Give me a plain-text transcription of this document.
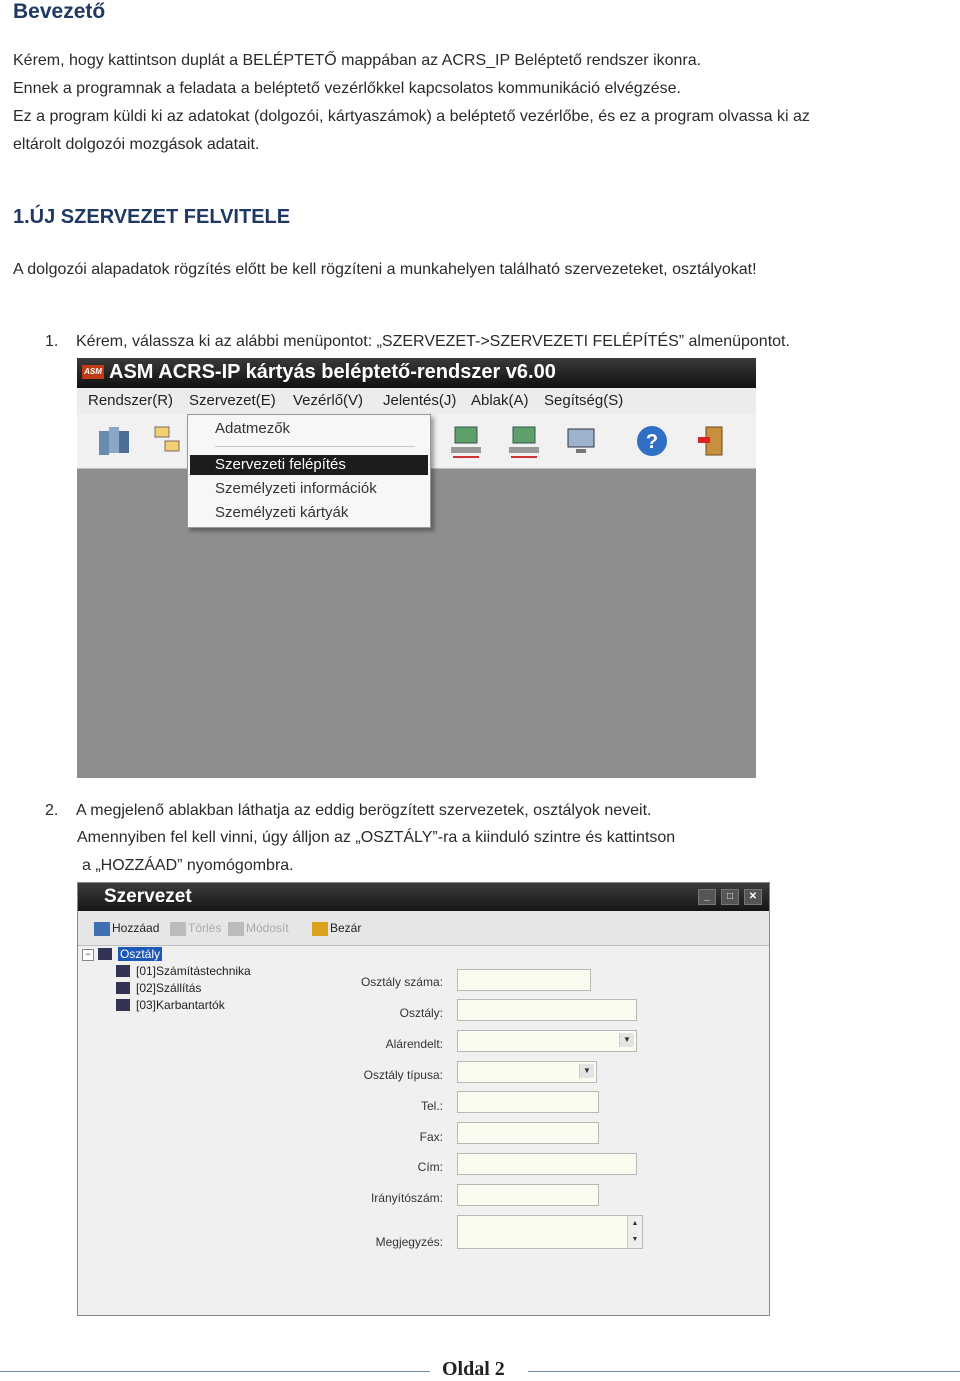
Bevezető
Kérem, hogy kattintson duplát a BELÉPTETŐ mappában az ACRS_IP Beléptető rendszer ikonra.
Ennek a programnak a feladata a beléptető vezérlőkkel kapcsolatos kommunikáció elvégzése.
Ez a program küldi ki az adatokat (dolgozói, kártyaszámok) a beléptető vezérlőbe, és ez a program olvassa ki az
eltárolt dolgozói mozgások adatait.
1.ÚJ SZERVEZET FELVITELE
A dolgozói alapadatok rögzítés előtt be kell rögzíteni a munkahelyen található szervezeteket, osztályokat!
1. Kérem, válassza ki az alábbi menüpontot: „SZERVEZET->SZERVEZETI FELÉPÍTÉS” almenüpontot.
ASM ASM ACRS-IP kártyás beléptető-rendszer v6.00
Rendszer(R) Szervezet(E) Vezérlő(V) Jelentés(J) Ablak(A) Segítség(S)
?
Adatmezők
Szervezeti felépítés
Személyzeti információk
Személyzeti kártyák
2. A megjelenő ablakban láthatja az eddig berögzített szervezetek, osztályok neveit.
Amennyiben fel kell vinni, úgy álljon az „OSZTÁLY”-ra a kiinduló szintre és kattintson
a „HOZZÁAD” nyomógombra.
Szervezet	_	□	✕
Hozzáad	Törlés	Módosít	Bezár
− Osztály
[01]Számítástechnika
[02]Szállítás
[03]Karbantartók
Osztály száma:
Osztály:
Alárendelt:	▼
Osztály típusa:	▼
Tel.:
Fax:
Cím:
Irányítószám:
Megjegyzés:
▲
▼
Oldal 2
